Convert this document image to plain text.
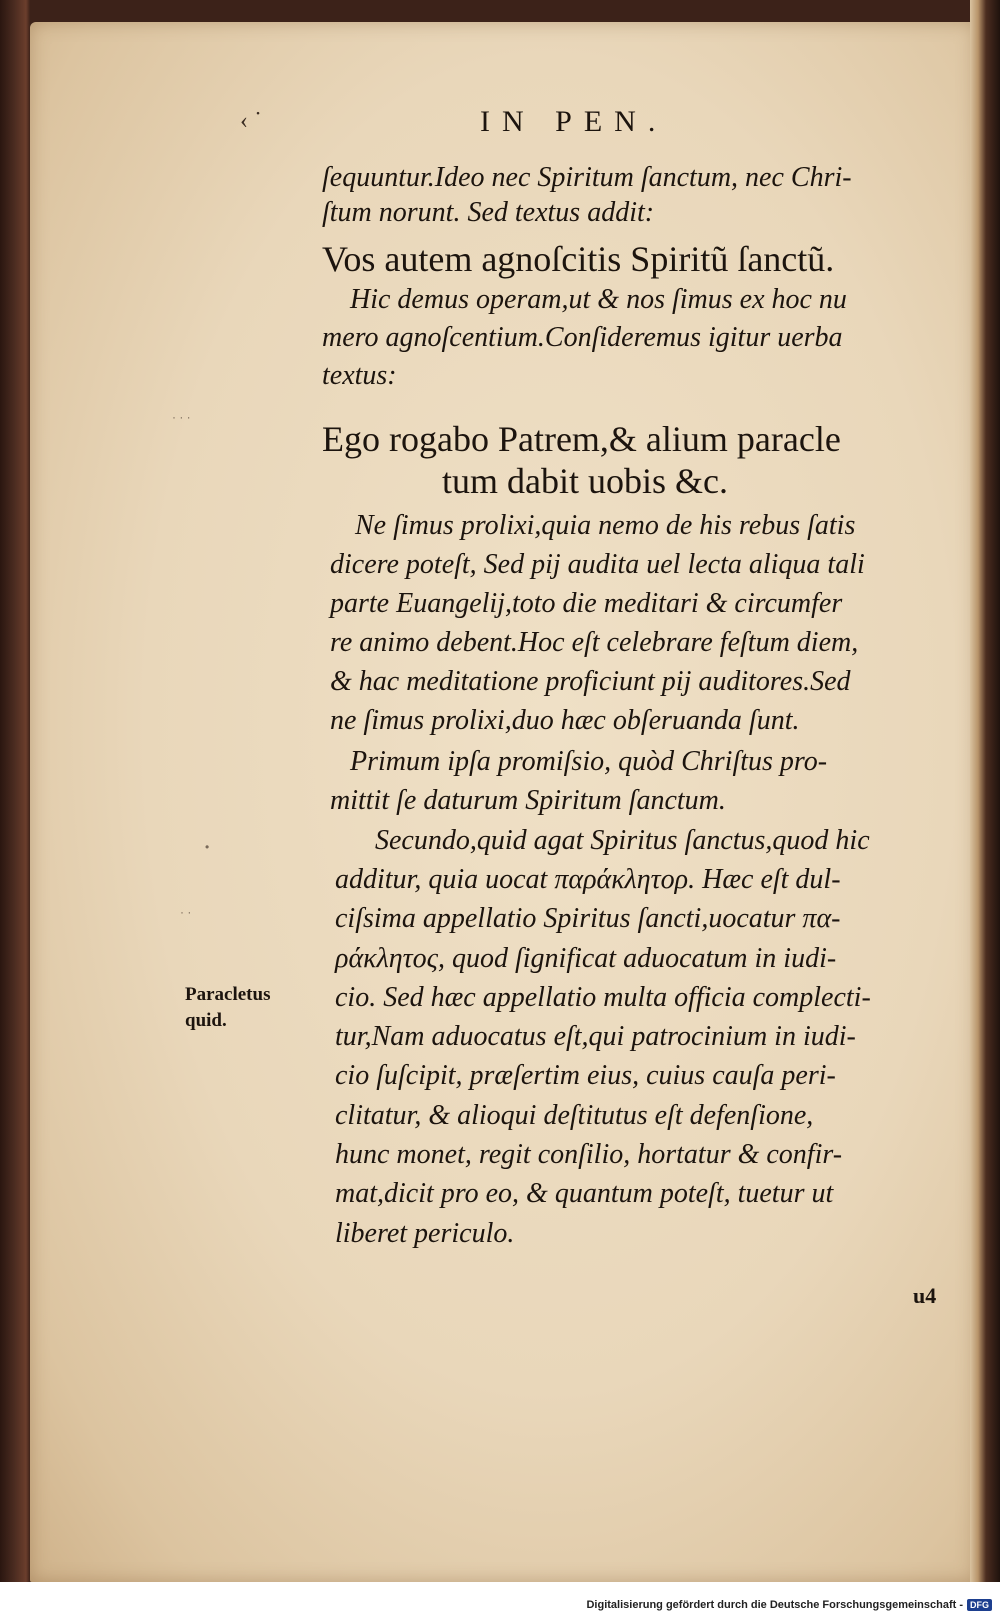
‹ ˙	IN PEN.
ſequuntur.Ideo nec Spiritum ſanctum, nec Chri-
ſtum norunt. Sed textus addit:
Vos autem agnoſcitis Spiritũ ſanctũ.
Hic demus operam,ut & nos ſimus ex hoc nu
mero agnoſcentium.Conſideremus igitur uerba
textus:
Ego rogabo Patrem,& alium paracle
tum dabit uobis &c.
Ne ſimus prolixi,quia nemo de his rebus ſatis
dicere poteſt, Sed pij audita uel lecta aliqua tali
parte Euangelij,toto die meditari & circumfer
re animo debent.Hoc eſt celebrare feſtum diem,
& hac meditatione proficiunt pij auditores.Sed
ne ſimus prolixi,duo hæc obſeruanda ſunt.
Primum ipſa promiſsio, quòd Chriſtus pro-
mittit ſe daturum Spiritum ſanctum.
Secundo,quid agat Spiritus ſanctus,quod hic
additur, quia uocat παράκλητορ. Hæc eſt dul-
ciſsima appellatio Spiritus ſancti,uocatur πα-
ράκλητος, quod ſignificat aduocatum in iudi-
cio. Sed hæc appellatio multa officia complecti-
tur,Nam aduocatus eſt,qui patrocinium in iudi-
cio ſuſcipit, præſertim eius, cuius cauſa peri-
clitatur, & alioqui deſtitutus eſt defenſione,
hunc monet, regit conſilio, hortatur & confir-
mat,dicit pro eo, & quantum poteſt, tuetur ut
liberet periculo.
Paracletus
quid.
u4
· · ·
•
· ·
Digitalisierung gefördert durch die Deutsche Forschungsgemeinschaft - DFG
